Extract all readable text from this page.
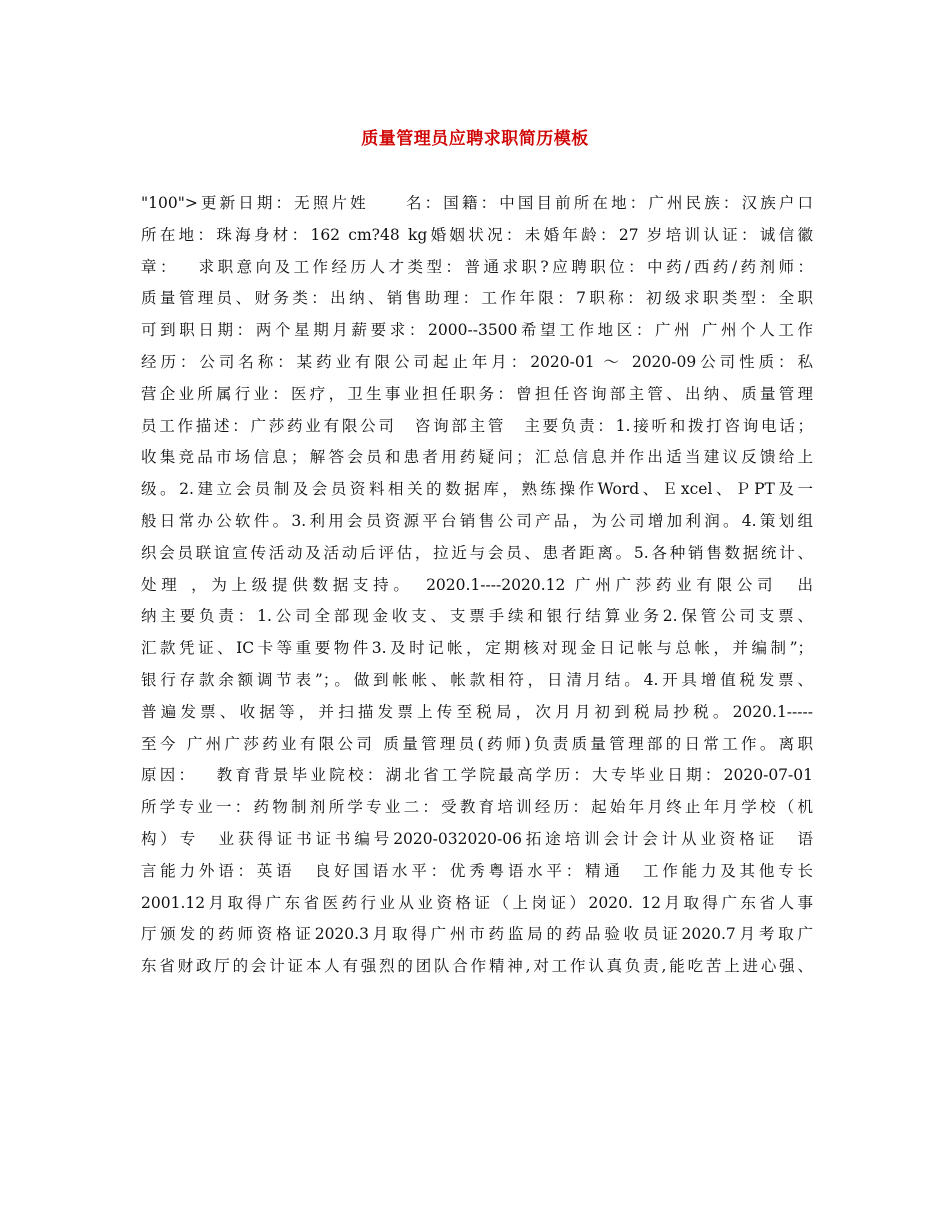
质量管理员应聘求职简历模板
"100">更新日期：无照片姓　　名：国籍：中国目前所在地：广州民族：汉族户口
所在地：珠海身材：162 cm?48 kg婚姻状况：未婚年龄：27 岁培训认证：诚信徽
章：　 求职意向及工作经历人才类型：普通求职?应聘职位：中药/西药/药剂师：
质量管理员、财务类：出纳、销售助理：工作年限：7职称：初级求职类型：全职
可到职日期：两个星期月薪要求：2000--3500希望工作地区：广州 广州个人工作
经历：公司名称：某药业有限公司起止年月：2020-01 ～ 2020-09公司性质：私
营企业所属行业：医疗，卫生事业担任职务：曾担任咨询部主管、出纳、质量管理
员工作描述：广莎药业有限公司　咨询部主管　主要负责：1.接听和拨打咨询电话；
收集竞品市场信息；解答会员和患者用药疑问；汇总信息并作出适当建议反馈给上
级。2.建立会员制及会员资料相关的数据库，熟练操作Word、Ｅxcel、ＰPT及一
般日常办公软件。3.利用会员资源平台销售公司产品，为公司增加利润。4.策划组
织会员联谊宣传活动及活动后评估，拉近与会员、患者距离。5.各种销售数据统计、
处理 ，为上级提供数据支持。　2020.1----2020.12 广州广莎药业有限公司　出
纳主要负责：1.公司全部现金收支、支票手续和银行结算业务2.保管公司支票、
汇款凭证、IC卡等重要物件3.及时记帐，定期核对现金日记帐与总帐，并编制”；
银行存款余额调节表”；。做到帐帐、帐款相符，日清月结。4.开具增值税发票、
普遍发票、收据等，并扫描发票上传至税局，次月月初到税局抄税。2020.1-----
至今 广州广莎药业有限公司 质量管理员(药师)负责质量管理部的日常工作。离职
原因：　 教育背景毕业院校：湖北省工学院最高学历：大专毕业日期：2020-07-01
所学专业一：药物制剂所学专业二：受教育培训经历：起始年月终止年月学校（机
构）专　业获得证书证书编号2020-032020-06拓途培训会计会计从业资格证　语
言能力外语：英语　良好国语水平：优秀粤语水平：精通　工作能力及其他专长
2001.12月取得广东省医药行业从业资格证（上岗证）2020. 12月取得广东省人事
厅颁发的药师资格证2020.3月取得广州市药监局的药品验收员证2020.7月考取广
东省财政厅的会计证本人有强烈的团队合作精神,对工作认真负责,能吃苦上进心强、
